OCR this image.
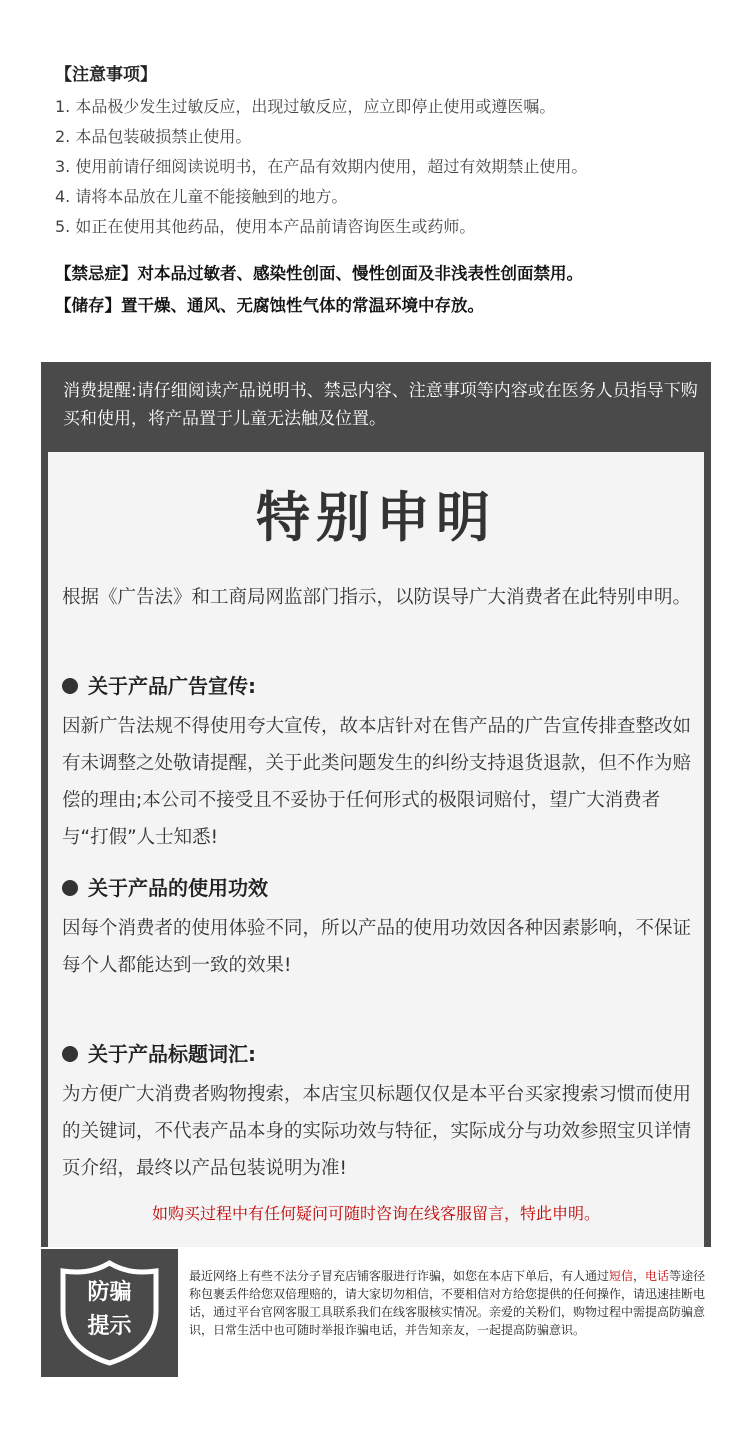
【注意事项】
1. 本品极少发生过敏反应，出现过敏反应，应立即停止使用或遵医嘱。
2. 本品包装破损禁止使用。
3. 使用前请仔细阅读说明书，在产品有效期内使用，超过有效期禁止使用。
4. 请将本品放在儿童不能接触到的地方。
5. 如正在使用其他药品，使用本产品前请咨询医生或药师。
【禁忌症】对本品过敏者、感染性创面、慢性创面及非浅表性创面禁用。
【储存】置干燥、通风、无腐蚀性气体的常温环境中存放。
消费提醒:请仔细阅读产品说明书、禁忌内容、注意事项等内容或在医务人员指导下购买和使用，将产品置于儿童无法触及位置。
特别申明
根据《广告法》和工商局网监部门指示，以防误导广大消费者在此特别申明。
关于产品广告宣传:
因新广告法规不得使用夸大宣传，故本店针对在售产品的广告宣传排查整改如有未调整之处敬请提醒，关于此类问题发生的纠纷支持退货退款，但不作为赔偿的理由;本公司不接受且不妥协于任何形式的极限词赔付，望广大消费者与“打假”人士知悉!
关于产品的使用功效
因每个消费者的使用体验不同，所以产品的使用功效因各种因素影响，不保证每个人都能达到一致的效果!
关于产品标题词汇:
为方便广大消费者购物搜索，本店宝贝标题仅仅是本平台买家搜索习惯而使用的关键词，不代表产品本身的实际功效与特征，实际成分与功效参照宝贝详情页介绍，最终以产品包装说明为准!
如购买过程中有任何疑问可随时咨询在线客服留言，特此申明。
防骗
提示
最近网络上有些不法分子冒充店铺客服进行诈骗，如您在本店下单后，有人通过短信，电话等途径称包裹丢件给您双倍理赔的，请大家切勿相信，不要相信对方给您提供的任何操作，请迅速挂断电话，通过平台官网客服工具联系我们在线客服核实情况。亲爱的关粉们，购物过程中需提高防骗意识，日常生活中也可随时举报诈骗电话，并告知亲友，一起提高防骗意识。
